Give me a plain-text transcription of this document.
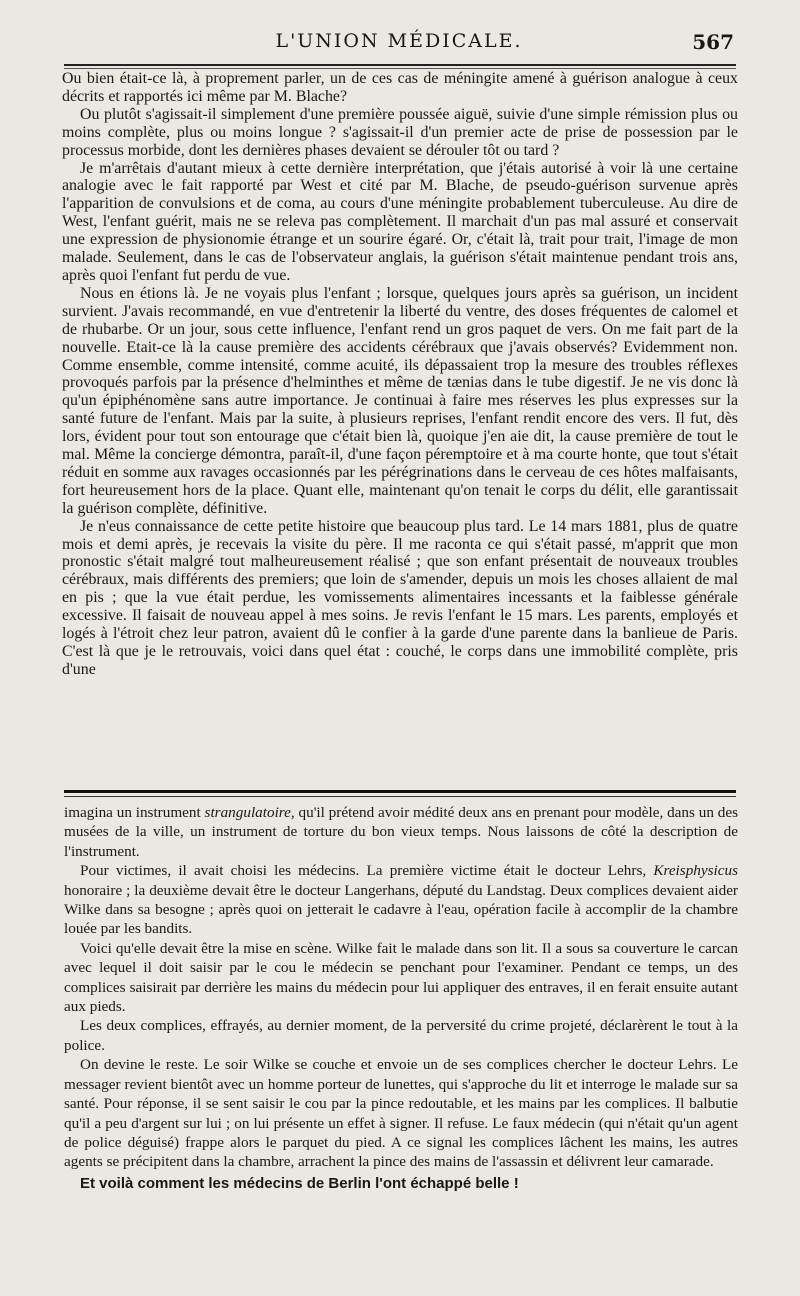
L'UNION MÉDICALE.	567

Ou bien était-ce là, à proprement parler, un de ces cas de méningite amené à guérison analogue à ceux décrits et rapportés ici même par M. Blache?

Ou plutôt s'agissait-il simplement d'une première poussée aiguë, suivie d'une simple rémission plus ou moins complète, plus ou moins longue ? s'agissait-il d'un premier acte de prise de possession par le processus morbide, dont les dernières phases devaient se dérouler tôt ou tard ?

Je m'arrêtais d'autant mieux à cette dernière interprétation, que j'étais autorisé à voir là une certaine analogie avec le fait rapporté par West et cité par M. Blache, de pseudo-guérison survenue après l'apparition de convulsions et de coma, au cours d'une méningite probablement tuberculeuse. Au dire de West, l'enfant guérit, mais ne se releva pas complètement. Il marchait d'un pas mal assuré et conservait une expression de physionomie étrange et un sourire égaré. Or, c'était là, trait pour trait, l'image de mon malade. Seulement, dans le cas de l'observateur anglais, la guérison s'était maintenue pendant trois ans, après quoi l'enfant fut perdu de vue.

Nous en étions là. Je ne voyais plus l'enfant ; lorsque, quelques jours après sa guérison, un incident survient. J'avais recommandé, en vue d'entretenir la liberté du ventre, des doses fréquentes de calomel et de rhubarbe. Or un jour, sous cette influence, l'enfant rend un gros paquet de vers. On me fait part de la nouvelle. Etait-ce là la cause première des accidents cérébraux que j'avais observés? Evidemment non. Comme ensemble, comme intensité, comme acuité, ils dépassaient trop la mesure des troubles réflexes provoqués parfois par la présence d'helminthes et même de tænias dans le tube digestif. Je ne vis donc là qu'un épiphénomène sans autre importance. Je continuai à faire mes réserves les plus expresses sur la santé future de l'enfant. Mais par la suite, à plusieurs reprises, l'enfant rendit encore des vers. Il fut, dès lors, évident pour tout son entourage que c'était bien là, quoique j'en aie dit, la cause première de tout le mal. Même la concierge démontra, paraît-il, d'une façon péremptoire et à ma courte honte, que tout s'était réduit en somme aux ravages occasionnés par les pérégrinations dans le cerveau de ces hôtes malfaisants, fort heureusement hors de la place. Quant elle, maintenant qu'on tenait le corps du délit, elle garantissait la guérison complète, définitive.

Je n'eus connaissance de cette petite histoire que beaucoup plus tard. Le 14 mars 1881, plus de quatre mois et demi après, je recevais la visite du père. Il me raconta ce qui s'était passé, m'apprit que mon pronostic s'était malgré tout malheureusement réalisé ; que son enfant présentait de nouveaux troubles cérébraux, mais différents des premiers; que loin de s'amender, depuis un mois les choses allaient de mal en pis ; que la vue était perdue, les vomissements alimentaires incessants et la faiblesse générale excessive. Il faisait de nouveau appel à mes soins. Je revis l'enfant le 15 mars. Les parents, employés et logés à l'étroit chez leur patron, avaient dû le confier à la garde d'une parente dans la banlieue de Paris. C'est là que je le retrouvais, voici dans quel état : couché, le corps dans une immobilité complète, pris d'une

imagina un instrument strangulatoire, qu'il prétend avoir médité deux ans en prenant pour modèle, dans un des musées de la ville, un instrument de torture du bon vieux temps. Nous laissons de côté la description de l'instrument.

Pour victimes, il avait choisi les médecins. La première victime était le docteur Lehrs, Kreisphysicus honoraire ; la deuxième devait être le docteur Langerhans, député du Landstag. Deux complices devaient aider Wilke dans sa besogne ; après quoi on jetterait le cadavre à l'eau, opération facile à accomplir de la chambre louée par les bandits.

Voici qu'elle devait être la mise en scène. Wilke fait le malade dans son lit. Il a sous sa couverture le carcan avec lequel il doit saisir par le cou le médecin se penchant pour l'examiner. Pendant ce temps, un des complices saisirait par derrière les mains du médecin pour lui appliquer des entraves, il en ferait ensuite autant aux pieds.

Les deux complices, effrayés, au dernier moment, de la perversité du crime projeté, déclarèrent le tout à la police.

On devine le reste. Le soir Wilke se couche et envoie un de ses complices chercher le docteur Lehrs. Le messager revient bientôt avec un homme porteur de lunettes, qui s'approche du lit et interroge le malade sur sa santé. Pour réponse, il se sent saisir le cou par la pince redoutable, et les mains par les complices. Il balbutie qu'il a peu d'argent sur lui ; on lui présente un effet à signer. Il refuse. Le faux médecin (qui n'était qu'un agent de police déguisé) frappe alors le parquet du pied. A ce signal les complices lâchent les mains, les autres agents se précipitent dans la chambre, arrachent la pince des mains de l'assassin et délivrent leur camarade.

Et voilà comment les médecins de Berlin l'ont échappé belle !
